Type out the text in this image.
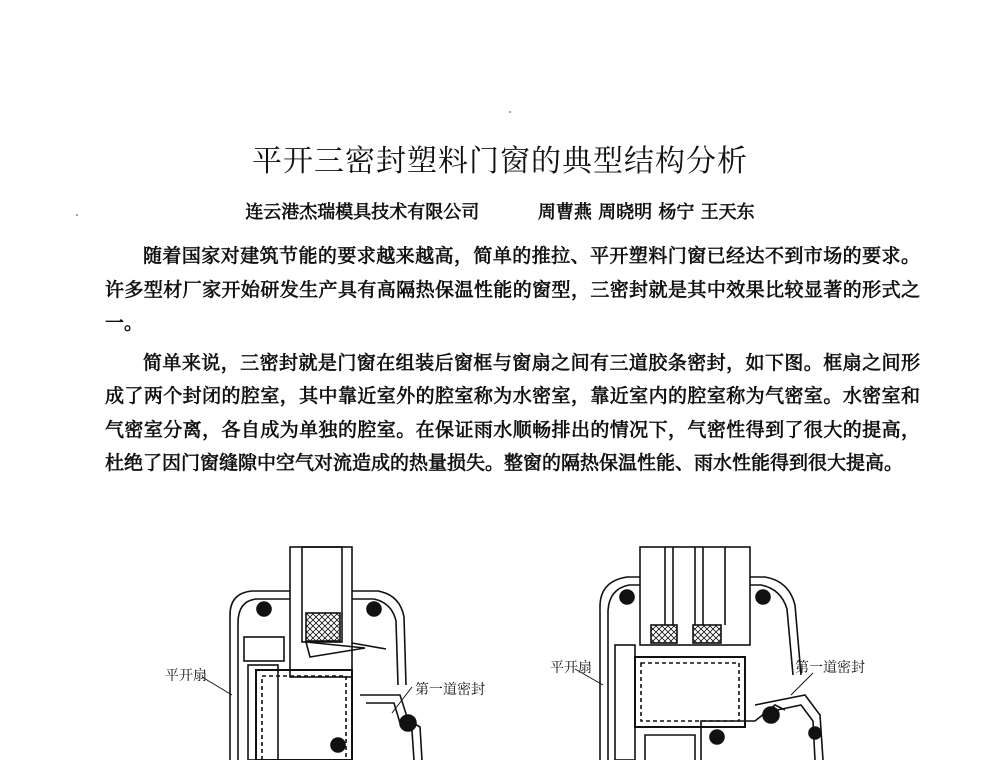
平开三密封塑料门窗的典型结构分析
连云港杰瑞模具技术有限公司	周曹燕 周晓明 杨宁 王天东

随着国家对建筑节能的要求越来越高，简单的推拉、平开塑料门窗已经达不到市场的要求。许多型材厂家开始研发生产具有高隔热保温性能的窗型，三密封就是其中效果比较显著的形式之一。

简单来说，三密封就是门窗在组装后窗框与窗扇之间有三道胶条密封，如下图。框扇之间形成了两个封闭的腔室，其中靠近室外的腔室称为水密室，靠近室内的腔室称为气密室。水密室和气密室分离，各自成为单独的腔室。在保证雨水顺畅排出的情况下，气密性得到了很大的提高，杜绝了因门窗缝隙中空气对流造成的热量损失。整窗的隔热保温性能、雨水性能得到很大提高。

平开扇
第一道密封
平开扇	第一道密封
